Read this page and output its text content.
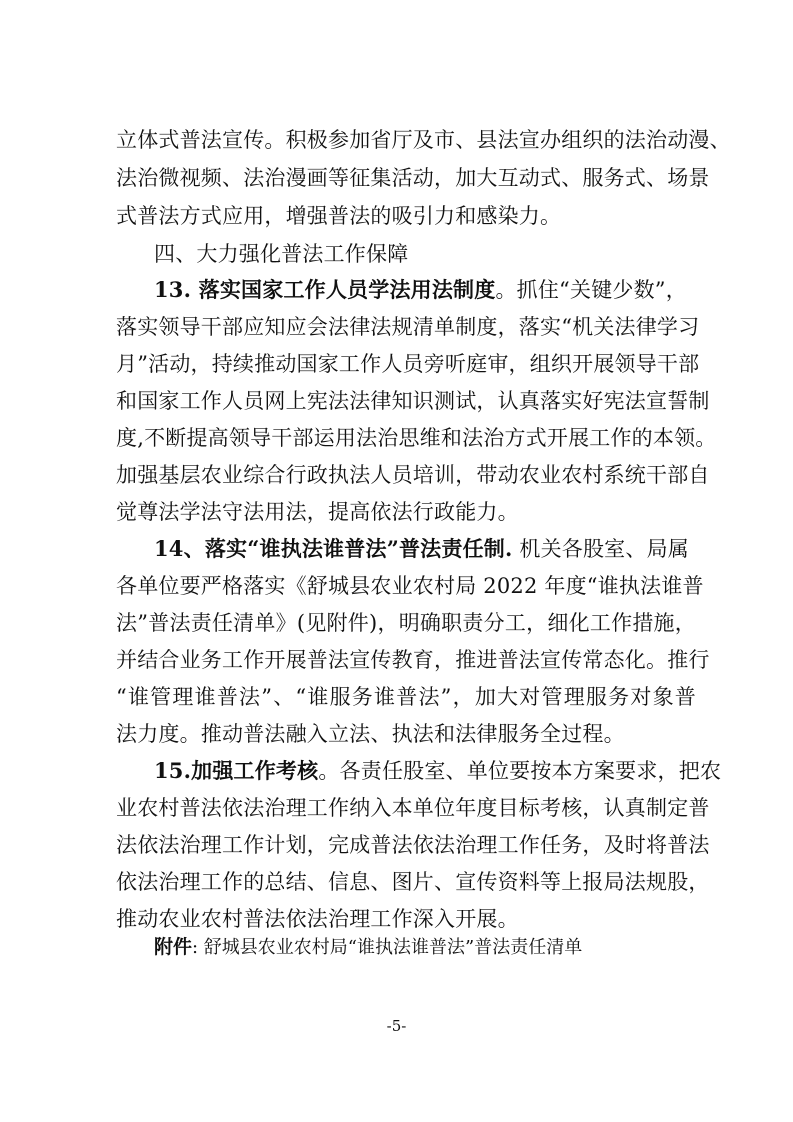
立体式普法宣传。积极参加省厅及市、县法宣办组织的法治动漫、
法治微视频、法治漫画等征集活动，加大互动式、服务式、场景
式普法方式应用，增强普法的吸引力和感染力。
四、大力强化普法工作保障
13. 落实国家工作人员学法用法制度。抓住“关键少数”，
落实领导干部应知应会法律法规清单制度，落实“机关法律学习
月”活动，持续推动国家工作人员旁听庭审，组织开展领导干部
和国家工作人员网上宪法法律知识测试，认真落实好宪法宣誓制
度,不断提高领导干部运用法治思维和法治方式开展工作的本领。
加强基层农业综合行政执法人员培训，带动农业农村系统干部自
觉尊法学法守法用法，提高依法行政能力。
14、落实“谁执法谁普法”普法责任制. 机关各股室、局属
各单位要严格落实《舒城县农业农村局 2022 年度“谁执法谁普
法”普法责任清单》(见附件)，明确职责分工，细化工作措施，
并结合业务工作开展普法宣传教育，推进普法宣传常态化。推行
“谁管理谁普法”、“谁服务谁普法”，加大对管理服务对象普
法力度。推动普法融入立法、执法和法律服务全过程。
15.加强工作考核。各责任股室、单位要按本方案要求，把农
业农村普法依法治理工作纳入本单位年度目标考核，认真制定普
法依法治理工作计划，完成普法依法治理工作任务，及时将普法
依法治理工作的总结、信息、图片、宣传资料等上报局法规股，
推动农业农村普法依法治理工作深入开展。
附件: 舒城县农业农村局“谁执法谁普法”普法责任清单
-5-
